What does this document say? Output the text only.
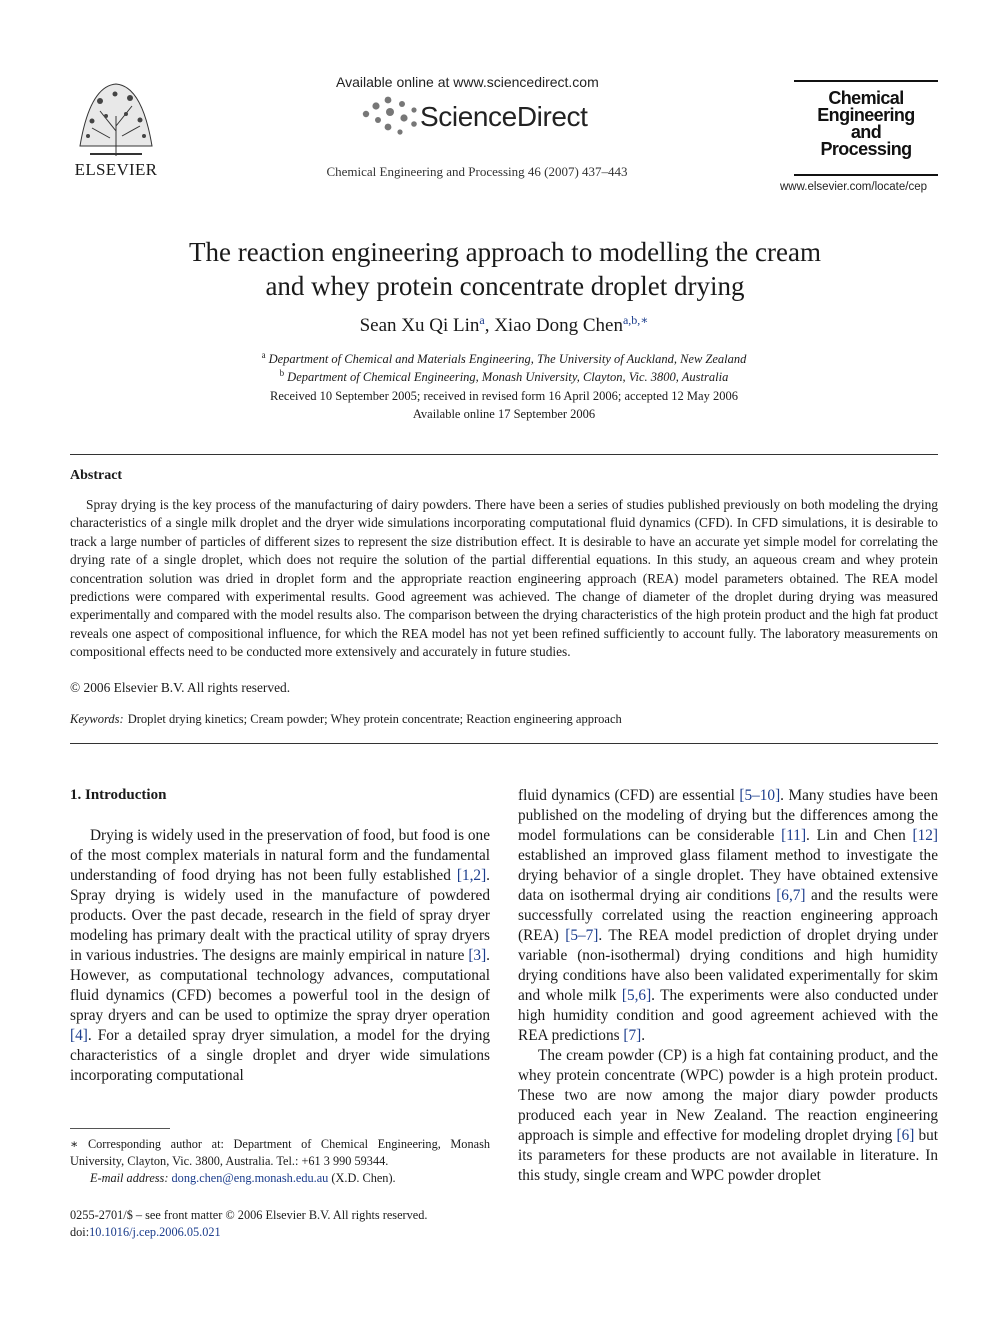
ELSEVIER
Available online at www.sciencedirect.com
ScienceDirect
Chemical Engineering and Processing 46 (2007) 437–443
Chemical
Engineering
and
Processing
www.elsevier.com/locate/cep
The reaction engineering approach to modelling the cream
and whey protein concentrate droplet drying
Sean Xu Qi Lin$^a$, Xiao Dong Chen$^{a,b,∗}$
$^a$ Department of Chemical and Materials Engineering, The University of Auckland, New Zealand
$^b$ Department of Chemical Engineering, Monash University, Clayton, Vic. 3800, Australia
Received 10 September 2005; received in revised form 16 April 2006; accepted 12 May 2006
Available online 17 September 2006
Abstract

Spray drying is the key process of the manufacturing of dairy powders. There have been a series of studies published previously on both modeling the drying characteristics of a single milk droplet and the dryer wide simulations incorporating computational fluid dynamics (CFD). In CFD simulations, it is desirable to track a large number of particles of different sizes to represent the size distribution effect. It is desirable to have an accurate yet simple model for correlating the drying rate of a single droplet, which does not require the solution of the partial differential equations. In this study, an aqueous cream and whey protein concentration solution was dried in droplet form and the appropriate reaction engineering approach (REA) model parameters obtained. The REA model predictions were compared with experimental results. Good agreement was achieved. The change of diameter of the droplet during drying was measured experimentally and compared with the model results also. The comparison between the drying characteristics of the high protein product and the high fat product reveals one aspect of compositional influence, for which the REA model has not yet been refined sufficiently to account fully. The laboratory measurements on compositional effects need to be conducted more extensively and accurately in future studies.

© 2006 Elsevier B.V. All rights reserved.
Keywords: Droplet drying kinetics; Cream powder; Whey protein concentrate; Reaction engineering approach
1. Introduction

Drying is widely used in the preservation of food, but food is one of the most complex materials in natural form and the fundamental understanding of food drying has not been fully established [1,2]. Spray drying is widely used in the manufacture of powdered products. Over the past decade, research in the field of spray dryer modeling has primary dealt with the practical utility of spray dryers in various industries. The designs are mainly empirical in nature [3]. However, as computational technology advances, computational fluid dynamics (CFD) becomes a powerful tool in the design of spray dryers and can be used to optimize the spray dryer operation [4]. For a detailed spray dryer simulation, a model for the drying characteristics of a single droplet and dryer wide simulations incorporating computational

fluid dynamics (CFD) are essential [5–10]. Many studies have been published on the modeling of drying but the differences among the model formulations can be considerable [11]. Lin and Chen [12] established an improved glass filament method to investigate the drying behavior of a single droplet. They have obtained extensive data on isothermal drying air conditions [6,7] and the results were successfully correlated using the reaction engineering approach (REA) [5–7]. The REA model prediction of droplet drying under variable (non-isothermal) drying conditions and high humidity drying conditions have also been validated experimentally for skim and whole milk [5,6]. The experiments were also conducted under high humidity condition and good agreement achieved with the REA predictions [7].

The cream powder (CP) is a high fat containing product, and the whey protein concentrate (WPC) powder is a high protein product. These two are now among the major diary powder products produced each year in New Zealand. The reaction engineering approach is simple and effective for modeling droplet drying [6] but its parameters for these products are not available in literature. In this study, single cream and WPC powder droplet

∗ Corresponding author at: Department of Chemical Engineering, Monash University, Clayton, Vic. 3800, Australia. Tel.: +61 3 990 59344.
E-mail address: dong.chen@eng.monash.edu.au (X.D. Chen).
0255-2701/$ – see front matter © 2006 Elsevier B.V. All rights reserved.
doi:10.1016/j.cep.2006.05.021
